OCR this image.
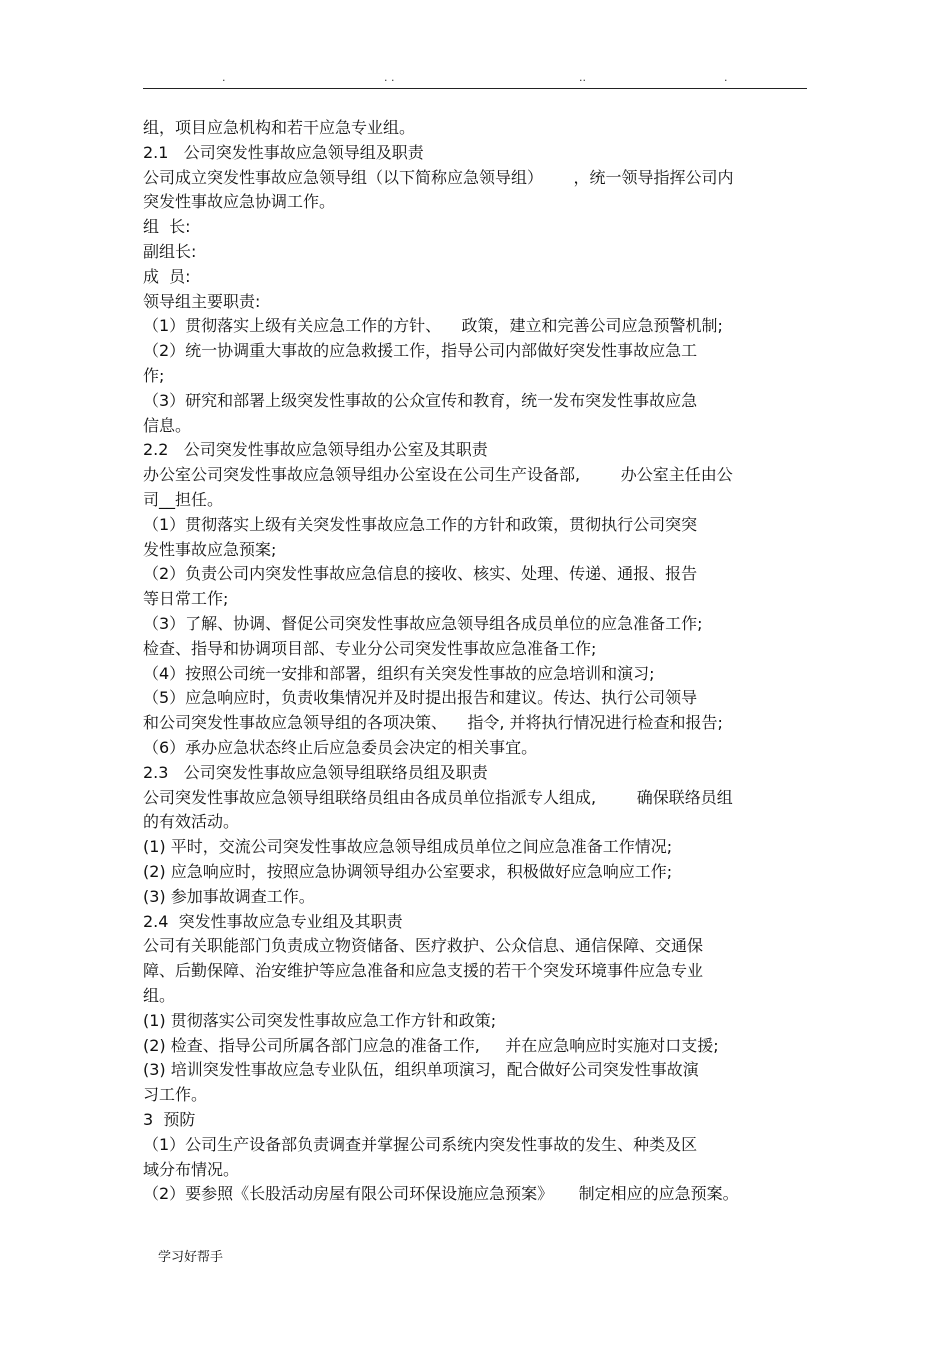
.	. .	..	.
组，项目应急机构和若干应急专业组。
2.1   公司突发性事故应急领导组及职责
公司成立突发性事故应急领导组（以下简称应急领导组）      ，统一领导指挥公司内
突发性事故应急协调工作。
组  长:
副组长:
成  员:
领导组主要职责:
（1）贯彻落实上级有关应急工作的方针、    政策，建立和完善公司应急预警机制;
（2）统一协调重大事故的应急救援工作，指导公司内部做好突发性事故应急工
作;
（3）研究和部署上级突发性事故的公众宣传和教育，统一发布突发性事故应急
信息。
2.2   公司突发性事故应急领导组办公室及其职责
办公室公司突发性事故应急领导组办公室设在公司生产设备部,        办公室主任由公
司__担任。
（1）贯彻落实上级有关突发性事故应急工作的方针和政策，贯彻执行公司突突
发性事故应急预案;
（2）负责公司内突发性事故应急信息的接收、核实、处理、传递、通报、报告
等日常工作;
（3）了解、协调、督促公司突发性事故应急领导组各成员单位的应急准备工作;
检查、指导和协调项目部、专业分公司突发性事故应急准备工作;
（4）按照公司统一安排和部署，组织有关突发性事故的应急培训和演习;
（5）应急响应时，负责收集情况并及时提出报告和建议。传达、执行公司领导
和公司突发性事故应急领导组的各项决策、    指令, 并将执行情况进行检查和报告;
（6）承办应急状态终止后应急委员会决定的相关事宜。
2.3   公司突发性事故应急领导组联络员组及职责
公司突发性事故应急领导组联络员组由各成员单位指派专人组成,        确保联络员组
的有效活动。
(1) 平时，交流公司突发性事故应急领导组成员单位之间应急准备工作情况;
(2) 应急响应时，按照应急协调领导组办公室要求，积极做好应急响应工作;
(3) 参加事故调查工作。
2.4  突发性事故应急专业组及其职责
公司有关职能部门负责成立物资储备、医疗救护、公众信息、通信保障、交通保
障、后勤保障、治安维护等应急准备和应急支援的若干个突发环境事件应急专业
组。
(1) 贯彻落实公司突发性事故应急工作方针和政策;
(2) 检查、指导公司所属各部门应急的准备工作,     并在应急响应时实施对口支援;
(3) 培训突发性事故应急专业队伍，组织单项演习，配合做好公司突发性事故演
习工作。
3  预防
（1）公司生产设备部负责调查并掌握公司系统内突发性事故的发生、种类及区
域分布情况。
（2）要参照《长股活动房屋有限公司环保设施应急预案》     制定相应的应急预案。
学习好帮手
